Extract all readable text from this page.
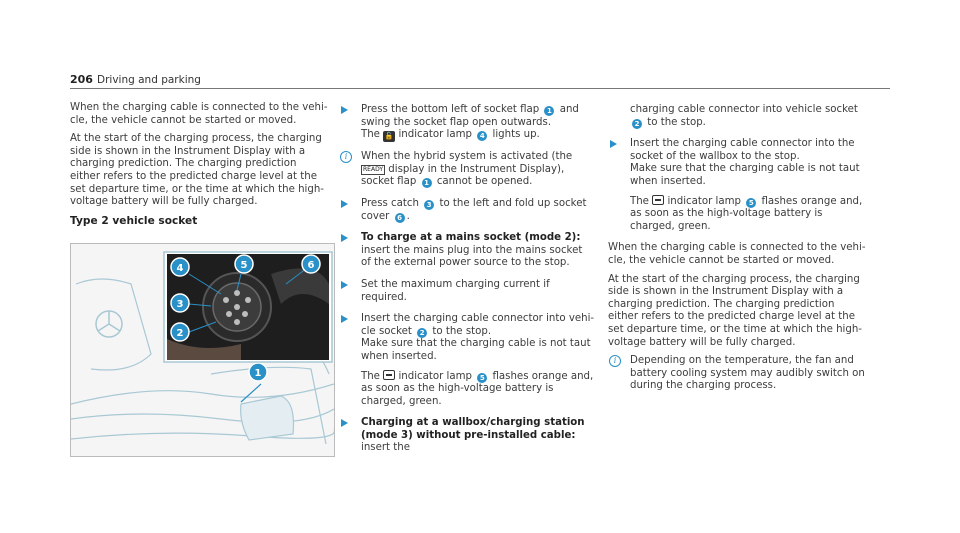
206 Driving and parking

When the charging cable is connected to the vehi- cle, the vehicle cannot be started or moved.

At the start of the charging process, the charging side is shown in the Instrument Display with a charging prediction. The charging prediction either refers to the predicted charge level at the set departure time, or the time at which the high- voltage battery will be fully charged.

Type 2 vehicle socket
1
4	5	6
3
2
Press the bottom left of socket flap 1 and swing the socket flap open outwards.
The 🔓 indicator lamp 4 lights up.
i	When the hybrid system is activated (the READY display in the Instrument Display), socket flap 1 cannot be opened.
Press catch 3 to the left and fold up socket cover 6 .
To charge at a mains socket (mode 2): insert the mains plug into the mains socket of the external power source to the stop.
Set the maximum charging current if required.
Insert the charging cable connector into vehi- cle socket 2 to the stop.
Make sure that the charging cable is not taut when inserted.
The indicator lamp 5 flashes orange and, as soon as the high-voltage battery is charged, green.
Charging at a wallbox/charging station (mode 3) without pre-installed cable: insert the
charging cable connector into vehicle socket 2 to the stop.
Insert the charging cable connector into the socket of the wallbox to the stop.
Make sure that the charging cable is not taut when inserted.
The indicator lamp 5 flashes orange and, as soon as the high-voltage battery is charged, green.

When the charging cable is connected to the vehi- cle, the vehicle cannot be started or moved.

At the start of the charging process, the charging side is shown in the Instrument Display with a charging prediction. The charging prediction either refers to the predicted charge level at the set departure time, or the time at which the high- voltage battery will be fully charged.

i	Depending on the temperature, the fan and battery cooling system may audibly switch on during the charging process.
